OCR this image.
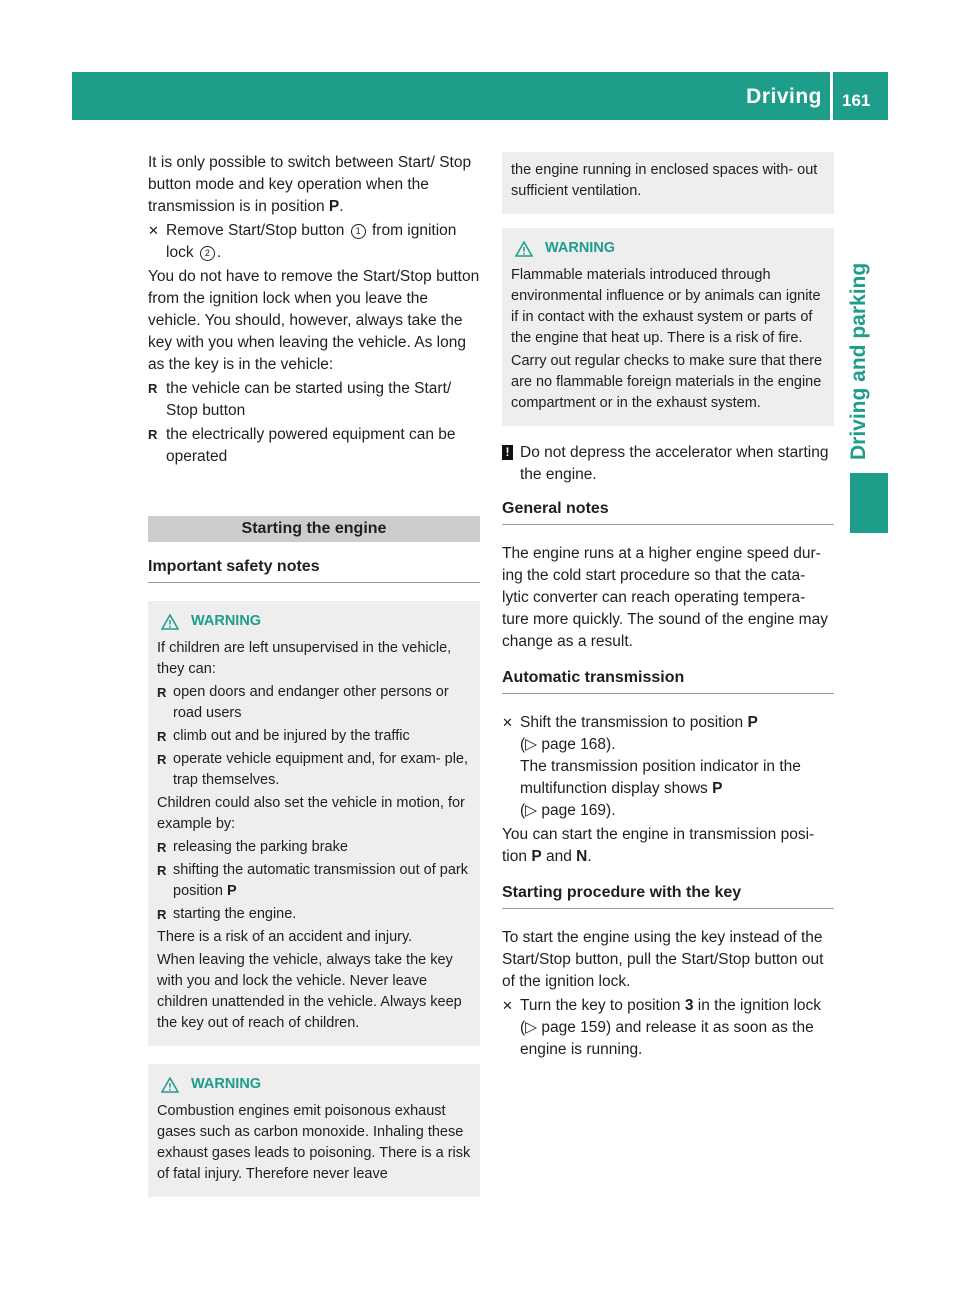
Driving 161
Driving and parking

It is only possible to switch between Start/ Stop button mode and key operation when the transmission is in position P.

✕ Remove Start/Stop button 1 from ignition lock 2 .

You do not have to remove the Start/Stop button from the ignition lock when you leave the vehicle. You should, however, always take the key with you when leaving the vehicle. As long as the key is in the vehicle:

R the vehicle can be started using the Start/ Stop button
R the electrically powered equipment can be operated
Starting the engine
Important safety notes
WARNING

If children are left unsupervised in the vehicle, they can:

R open doors and endanger other persons or road users
R climb out and be injured by the traffic
R operate vehicle equipment and, for exam- ple, trap themselves.

Children could also set the vehicle in motion, for example by:

R releasing the parking brake
R shifting the automatic transmission out of park position P
R starting the engine.

There is a risk of an accident and injury.

When leaving the vehicle, always take the key with you and lock the vehicle. Never leave children unattended in the vehicle. Always keep the key out of reach of children.

WARNING

Combustion engines emit poisonous exhaust gases such as carbon monoxide. Inhaling these exhaust gases leads to poisoning. There is a risk of fatal injury. Therefore never leave

the engine running in enclosed spaces with- out sufficient ventilation.

WARNING

Flammable materials introduced through environmental influence or by animals can ignite if in contact with the exhaust system or parts of the engine that heat up. There is a risk of fire.

Carry out regular checks to make sure that there are no flammable foreign materials in the engine compartment or in the exhaust system.

! Do not depress the accelerator when starting the engine.
General notes

The engine runs at a higher engine speed dur- ing the cold start procedure so that the cata- lytic converter can reach operating tempera- ture more quickly. The sound of the engine may change as a result.

Automatic transmission
✕ Shift the transmission to position P
(▷ page 168).
The transmission position indicator in the multifunction display shows P
(▷ page 169).

You can start the engine in transmission posi- tion P and N.

Starting procedure with the key

To start the engine using the key instead of the Start/Stop button, pull the Start/Stop button out of the ignition lock.

✕ Turn the key to position 3 in the ignition lock (▷ page 159) and release it as soon as the engine is running.
